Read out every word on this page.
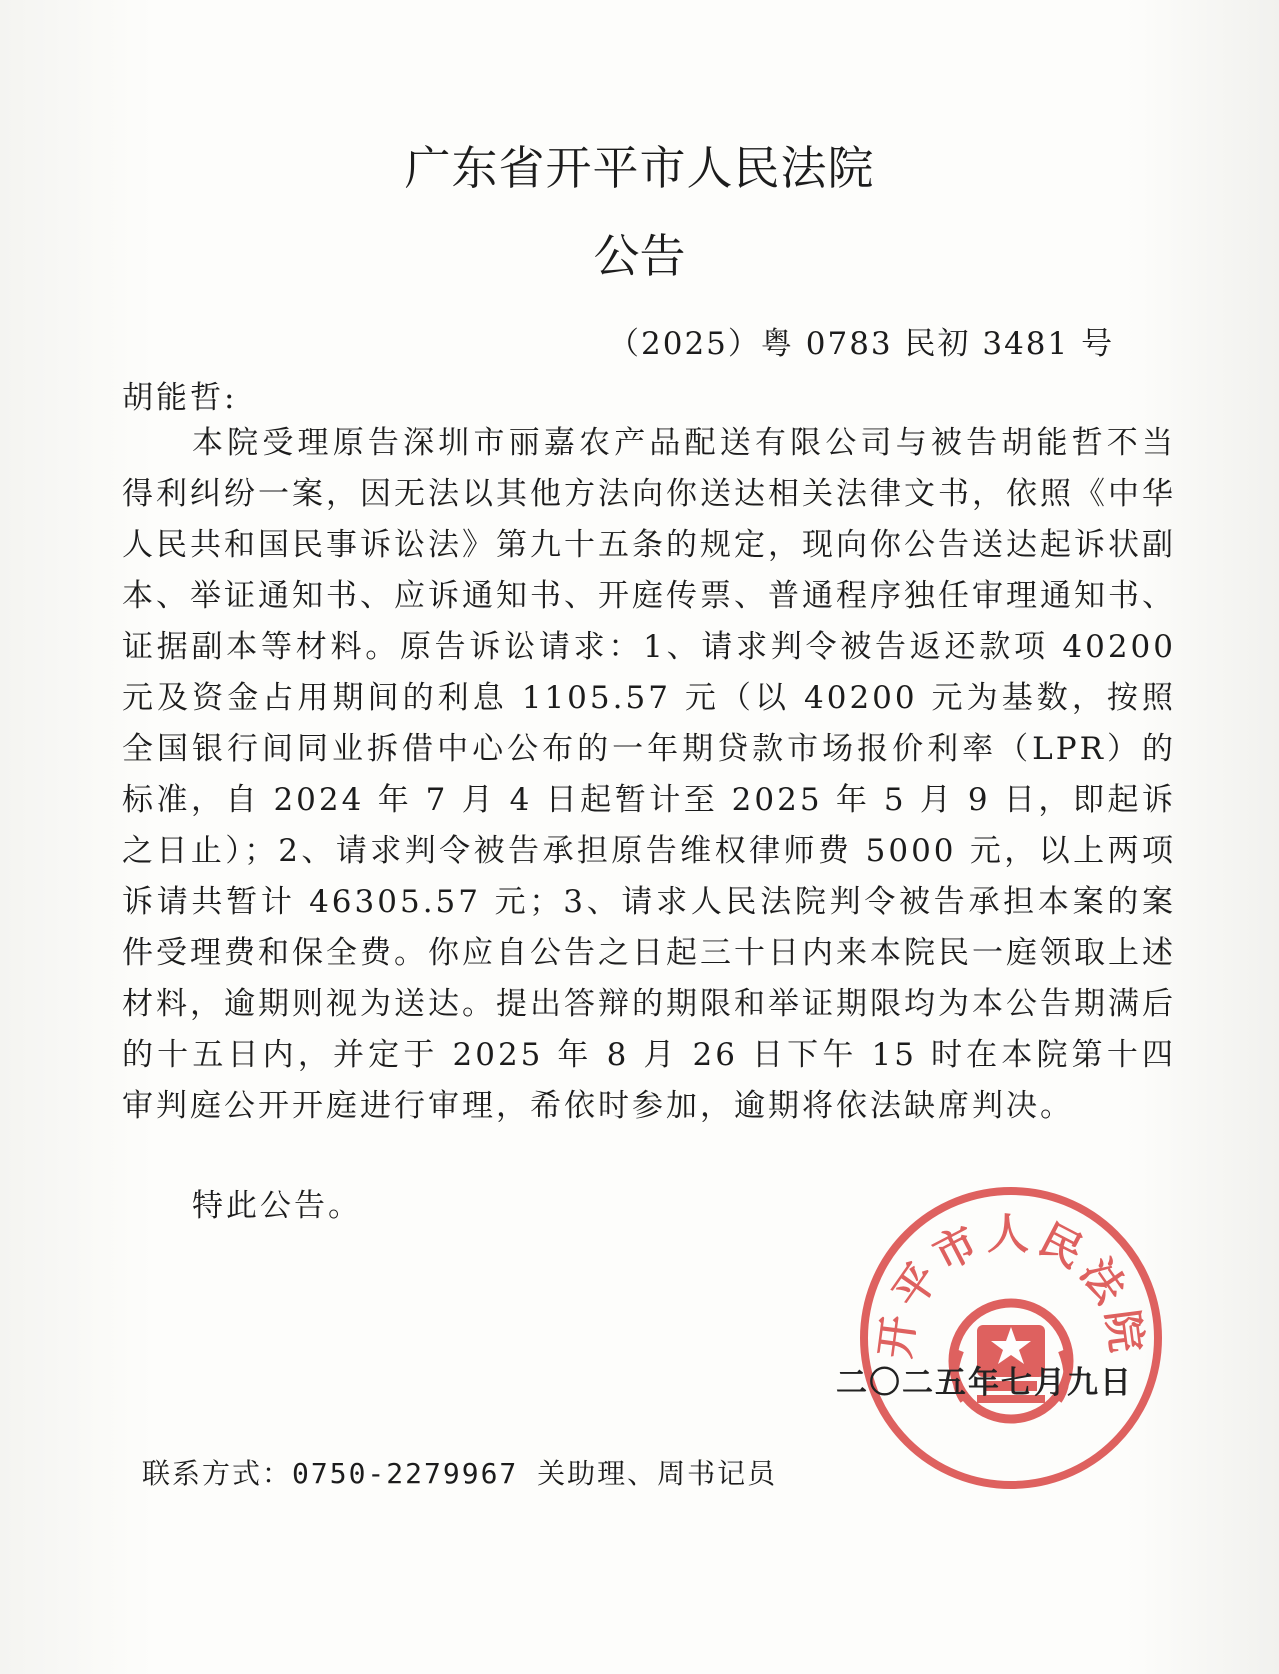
广东省开平市人民法院
公告
（2025）粤 0783 民初 3481 号
胡能哲:

本院受理原告深圳市丽嘉农产品配送有限公司与被告胡能哲不当得利纠纷一案，因无法以其他方法向你送达相关法律文书，依照《中华人民共和国民事诉讼法》第九十五条的规定，现向你公告送达起诉状副本、举证通知书、应诉通知书、开庭传票、普通程序独任审理通知书、证据副本等材料。原告诉讼请求：1、请求判令被告返还款项 40200 元及资金占用期间的利息 1105.57 元（以 40200 元为基数，按照全国银行间同业拆借中心公布的一年期贷款市场报价利率（LPR）的标准，自 2024 年 7 月 4 日起暂计至 2025 年 5 月 9 日，即起诉之日止）；2、请求判令被告承担原告维权律师费 5000 元，以上两项诉请共暂计 46305.57 元；3、请求人民法院判令被告承担本案的案件受理费和保全费。你应自公告之日起三十日内来本院民一庭领取上述材料，逾期则视为送达。提出答辩的期限和举证期限均为本公告期满后的十五日内，并定于 2025 年 8 月 26 日下午 15 时在本院第十四审判庭公开开庭进行审理，希依时参加，逾期将依法缺席判决。

特此公告。
开平市人民法院
二〇二五年七月九日
联系方式：0750-2279967 关助理、周书记员
